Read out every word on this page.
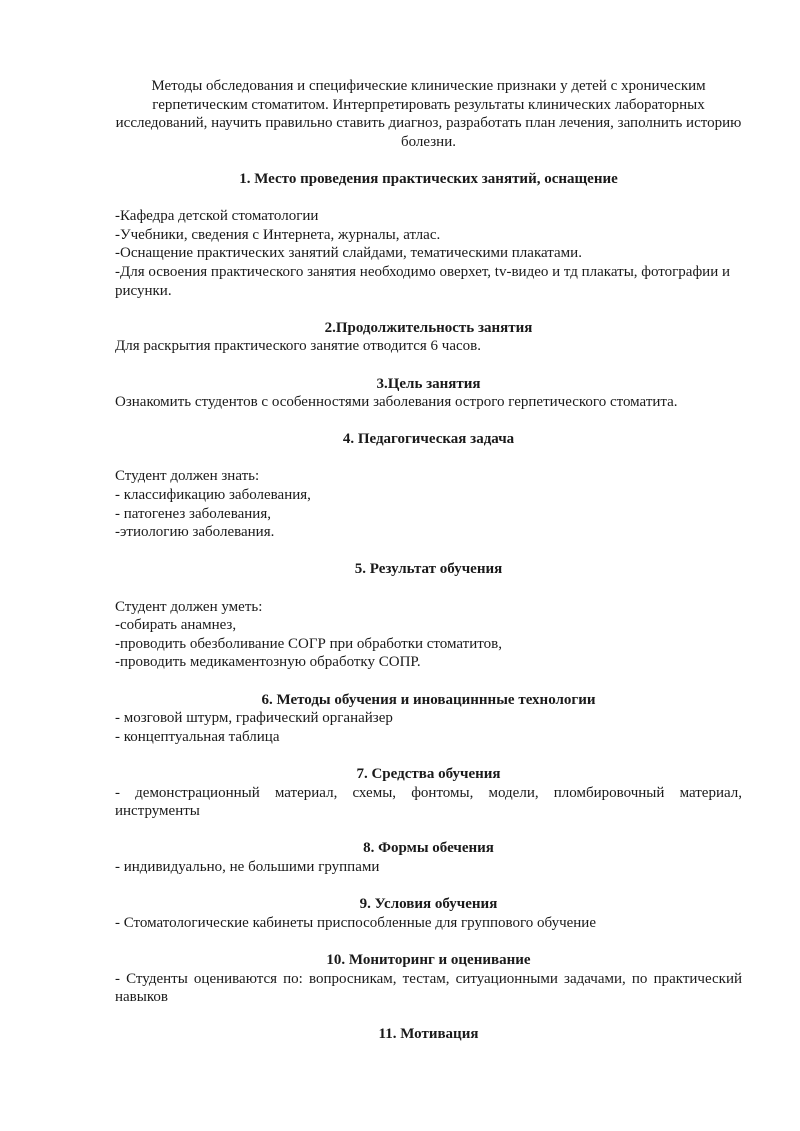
Методы обследования и специфические клинические признаки у детей с хроническим герпетическим стоматитом. Интерпретировать результаты клинических лабораторных исследований, научить правильно ставить диагноз, разработать план лечения, заполнить историю болезни.

1. Место проведения практических занятий, оснащение

-Кафедра детской стоматологии
-Учебники, сведения с Интернета, журналы, атлас.
-Оснащение практических занятий слайдами, тематическими плакатами.
-Для освоения практического занятия необходимо оверхет, tv-видео и тд плакаты, фотографии и рисунки.

2.Продолжительность занятия

Для раскрытия практического занятие отводится 6 часов.

3.Цель занятия

Ознакомить студентов с особенностями заболевания острого герпетического стоматита.

4. Педагогическая задача

Студент должен знать:
- классификацию заболевания,
- патогенез заболевания,
-этиологию заболевания.

5. Результат обучения

Студент должен уметь:
-собирать анамнез,
-проводить обезболивание СОГР при обработки стоматитов,
-проводить медикаментозную обработку СОПР.

6. Методы обучения и иновациннные технологии

- мозговой штурм, графический органайзер
- концептуальная таблица

7. Средства обучения

- демонстрационный материал, схемы, фонтомы, модели, пломбировочный материал, инструменты

8. Формы обечения

- индивидуально, не большими группами

9. Условия обучения

- Стоматологические кабинеты приспособленные для группового обучение

10. Мониторинг и оценивание

- Студенты оцениваются по: вопросникам, тестам, ситуационными задачами, по практический навыков

11. Мотивация
